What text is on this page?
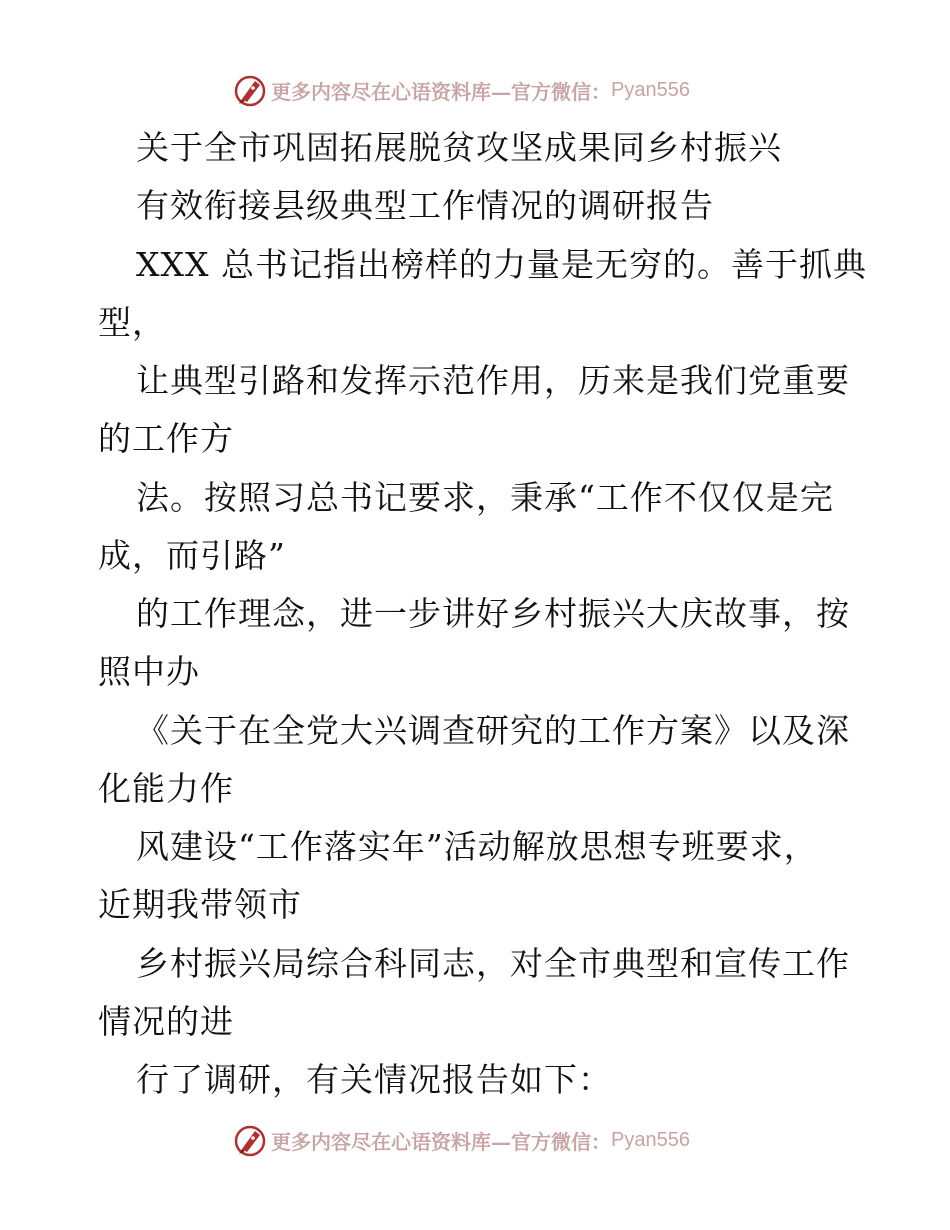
更多内容尽在心语资料库—官方微信： Pyan556
关于全市巩固拓展脱贫攻坚成果同乡村振兴
有效衔接县级典型工作情况的调研报告
XXX 总书记指出榜样的力量是无穷的。善于抓典
型，
让典型引路和发挥示范作用，历来是我们党重要
的工作方
法。按照习总书记要求，秉承“工作不仅仅是完
成，而引路”
的工作理念，进一步讲好乡村振兴大庆故事，按
照中办
《关于在全党大兴调查研究的工作方案》以及深
化能力作
风建设“工作落实年”活动解放思想专班要求，
近期我带领市
乡村振兴局综合科同志，对全市典型和宣传工作
情况的进
行了调研，有关情况报告如下：
更多内容尽在心语资料库—官方微信： Pyan556
